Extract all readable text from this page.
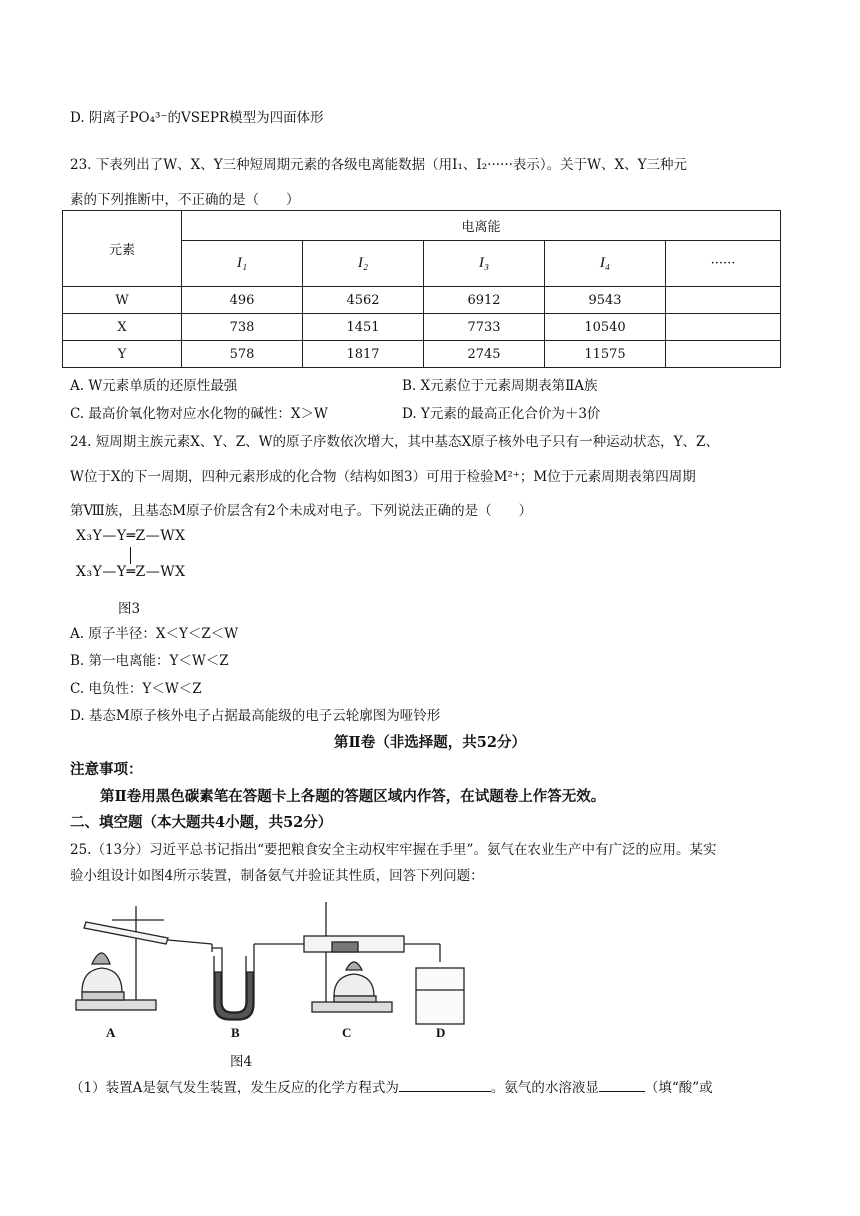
D. 阴离子PO₄³⁻的VSEPR模型为四面体形
23. 下表列出了W、X、Y三种短周期元素的各级电离能数据（用I₁、I₂······表示）。关于W、X、Y三种元
素的下列推断中，不正确的是（　　）
元素	电离能				
	I₁	I₂	I₃	I₄	······
W	496	4562	6912	9543	
X	738	1451	7733	10540	
Y	578	1817	2745	11575	
A. W元素单质的还原性最强	B. X元素位于元素周期表第ⅡA族
C. 最高价氧化物对应水化物的碱性：X＞W	D. Y元素的最高正化合价为＋3价
24. 短周期主族元素X、Y、Z、W的原子序数依次增大，其中基态X原子核外电子只有一种运动状态，Y、Z、
W位于X的下一周期，四种元素形成的化合物（结构如图3）可用于检验M²⁺；M位于元素周期表第四周期
第Ⅷ族，且基态M原子价层含有2个未成对电子。下列说法正确的是（　　）
X₃Y—Y═Z—WX
X₃Y—Y═Z—WX
图3
A. 原子半径：X＜Y＜Z＜W
B. 第一电离能：Y＜W＜Z
C. 电负性：Y＜W＜Z
D. 基态M原子核外电子占据最高能级的电子云轮廓图为哑铃形
第Ⅱ卷（非选择题，共52分）
注意事项：
第Ⅱ卷用黑色碳素笔在答题卡上各题的答题区域内作答，在试题卷上作答无效。
二、填空题（本大题共4小题，共52分）
25.（13分）习近平总书记指出“要把粮食安全主动权牢牢握在手里”。氨气在农业生产中有广泛的应用。某实
验小组设计如图4所示装置，制备氨气并验证其性质，回答下列问题：
A	B	C	D
图4
（1）装置A是氨气发生装置，发生反应的化学方程式为	。氨气的水溶液显	（填“酸”或
